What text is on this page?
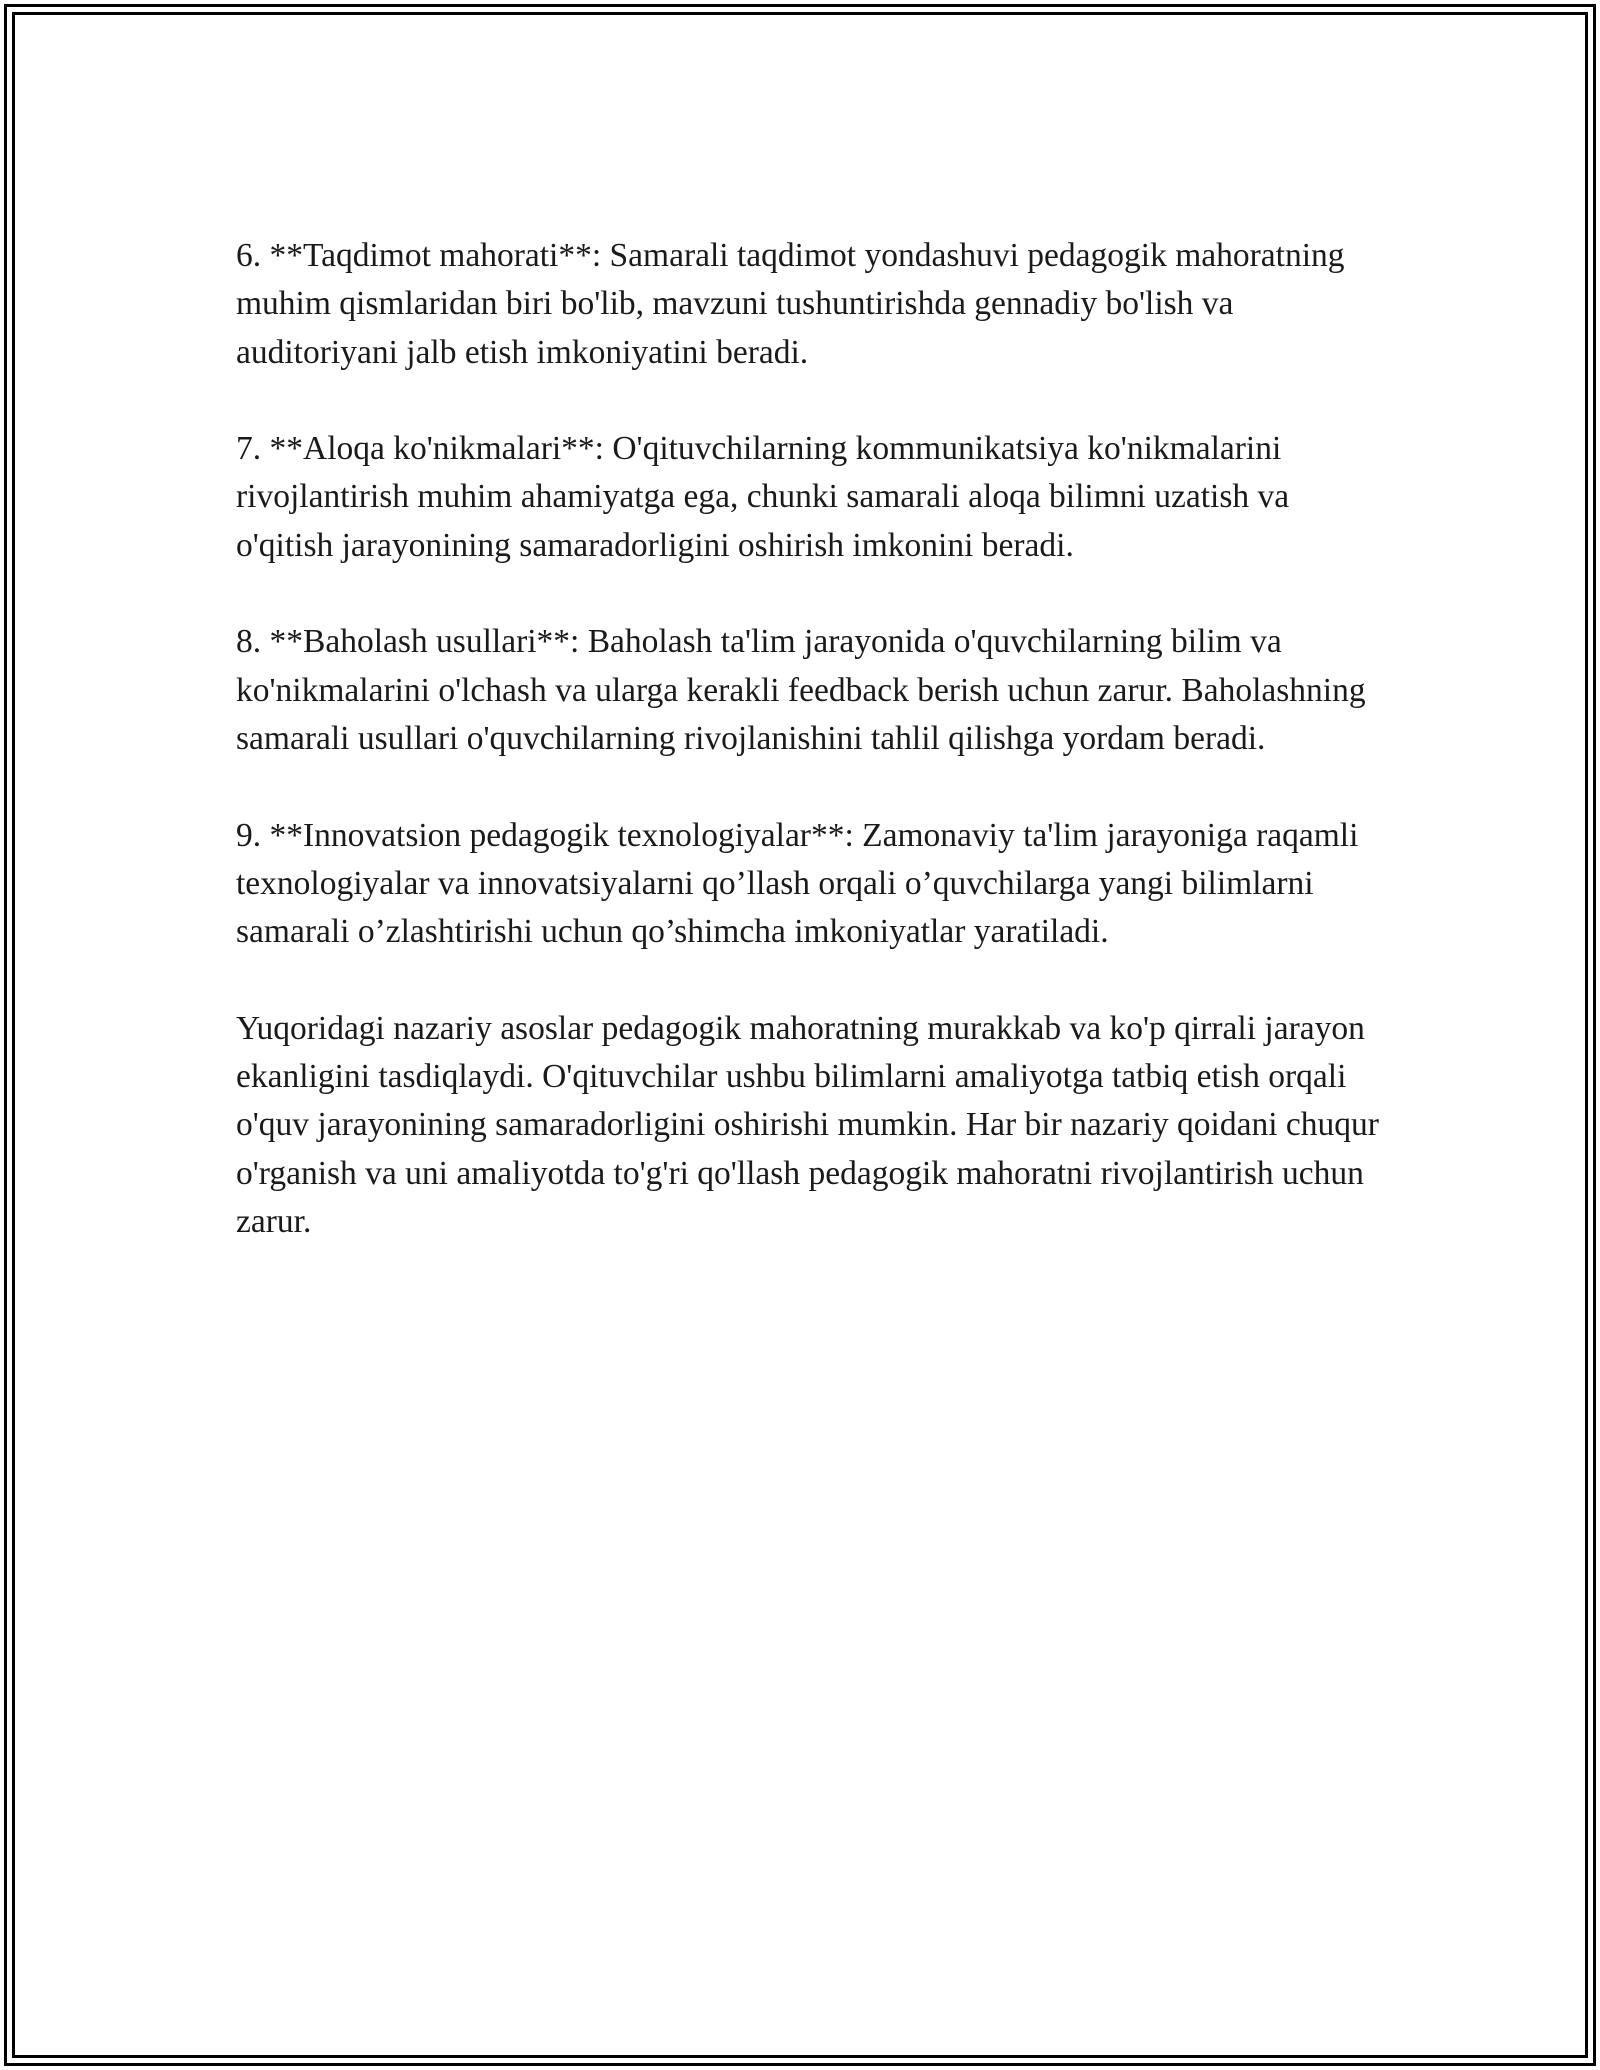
6. **Taqdimot mahorati**: Samarali taqdimot yondashuvi pedagogik mahoratning muhim qismlaridan biri bo'lib, mavzuni tushuntirishda gennadiy bo'lish va auditoriyani jalb etish imkoniyatini beradi.

7. **Aloqa ko'nikmalari**: O'qituvchilarning kommunikatsiya ko'nikmalarini rivojlantirish muhim ahamiyatga ega, chunki samarali aloqa bilimni uzatish va o'qitish jarayonining samaradorligini oshirish imkonini beradi.

8. **Baholash usullari**: Baholash ta'lim jarayonida o'quvchilarning bilim va ko'nikmalarini o'lchash va ularga kerakli feedback berish uchun zarur. Baholashning samarali usullari o'quvchilarning rivojlanishini tahlil qilishga yordam beradi.

9. **Innovatsion pedagogik texnologiyalar**: Zamonaviy ta'lim jarayoniga raqamli texnologiyalar va innovatsiyalarni qo’llash orqali o’quvchilarga yangi bilimlarni samarali o’zlashtirishi uchun qo’shimcha imkoniyatlar yaratiladi.

Yuqoridagi nazariy asoslar pedagogik mahoratning murakkab va ko'p qirrali jarayon ekanligini tasdiqlaydi. O'qituvchilar ushbu bilimlarni amaliyotga tatbiq etish orqali o'quv jarayonining samaradorligini oshirishi mumkin. Har bir nazariy qoidani chuqur o'rganish va uni amaliyotda to'g'ri qo'llash pedagogik mahoratni rivojlantirish uchun zarur.
